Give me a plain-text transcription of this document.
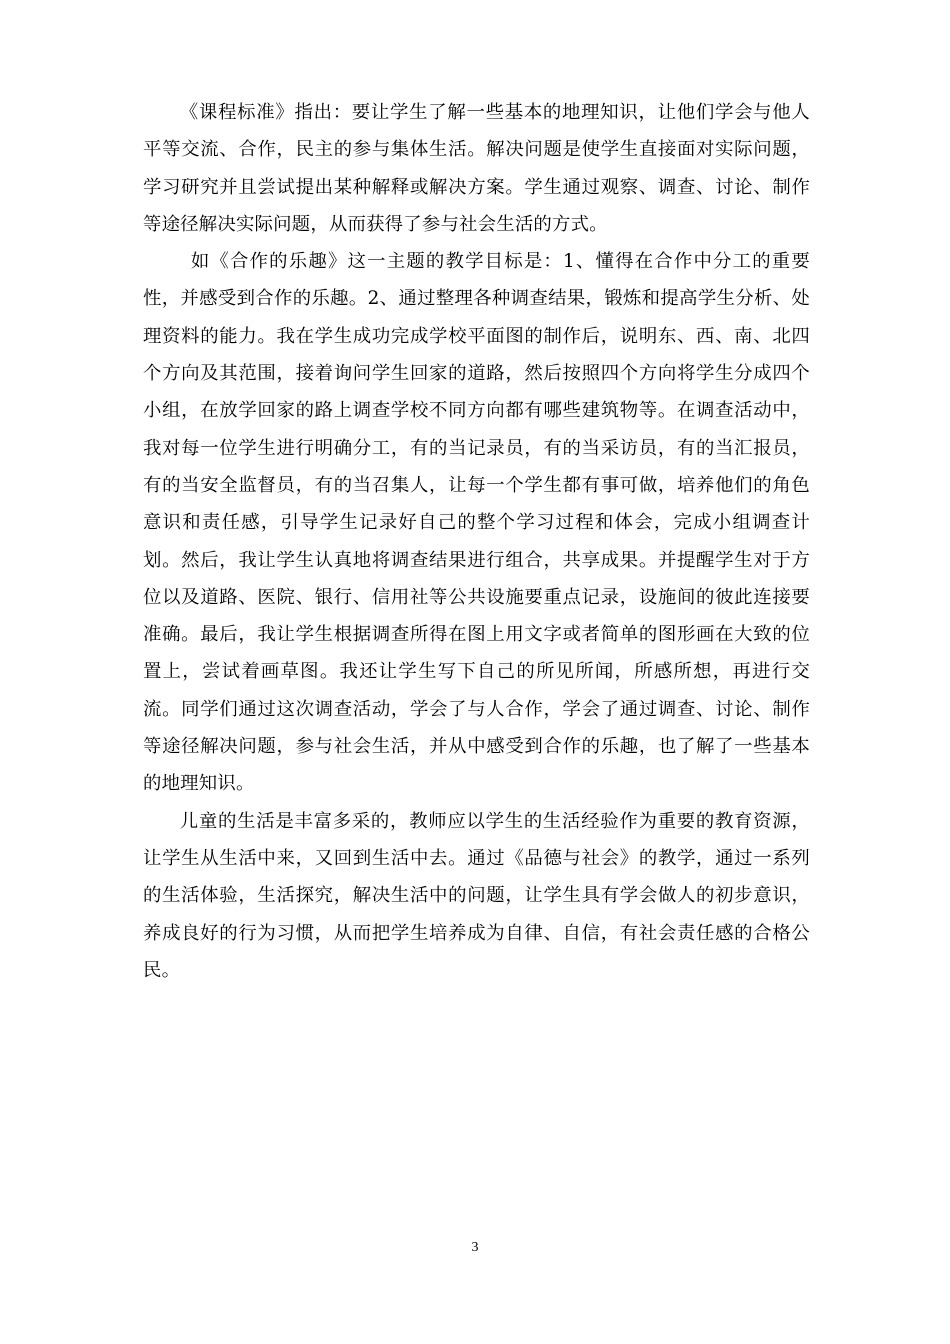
《课程标准》指出：要让学生了解一些基本的地理知识，让他们学会与他人平等交流、合作，民主的参与集体生活。解决问题是使学生直接面对实际问题，学习研究并且尝试提出某种解释或解决方案。学生通过观察、调查、讨论、制作等途径解决实际问题，从而获得了参与社会生活的方式。

如《合作的乐趣》这一主题的教学目标是：1、懂得在合作中分工的重要性，并感受到合作的乐趣。2、通过整理各种调查结果，锻炼和提高学生分析、处理资料的能力。我在学生成功完成学校平面图的制作后，说明东、西、南、北四个方向及其范围，接着询问学生回家的道路，然后按照四个方向将学生分成四个小组，在放学回家的路上调查学校不同方向都有哪些建筑物等。在调查活动中，我对每一位学生进行明确分工，有的当记录员，有的当采访员，有的当汇报员，有的当安全监督员，有的当召集人，让每一个学生都有事可做，培养他们的角色意识和责任感，引导学生记录好自己的整个学习过程和体会，完成小组调查计划。然后，我让学生认真地将调查结果进行组合，共享成果。并提醒学生对于方位以及道路、医院、银行、信用社等公共设施要重点记录，设施间的彼此连接要准确。最后，我让学生根据调查所得在图上用文字或者简单的图形画在大致的位置上，尝试着画草图。我还让学生写下自己的所见所闻，所感所想，再进行交流。同学们通过这次调查活动，学会了与人合作，学会了通过调查、讨论、制作等途径解决问题，参与社会生活，并从中感受到合作的乐趣，也了解了一些基本的地理知识。

儿童的生活是丰富多采的，教师应以学生的生活经验作为重要的教育资源，让学生从生活中来，又回到生活中去。通过《品德与社会》的教学，通过一系列的生活体验，生活探究，解决生活中的问题，让学生具有学会做人的初步意识，养成良好的行为习惯，从而把学生培养成为自律、自信，有社会责任感的合格公民。

3
